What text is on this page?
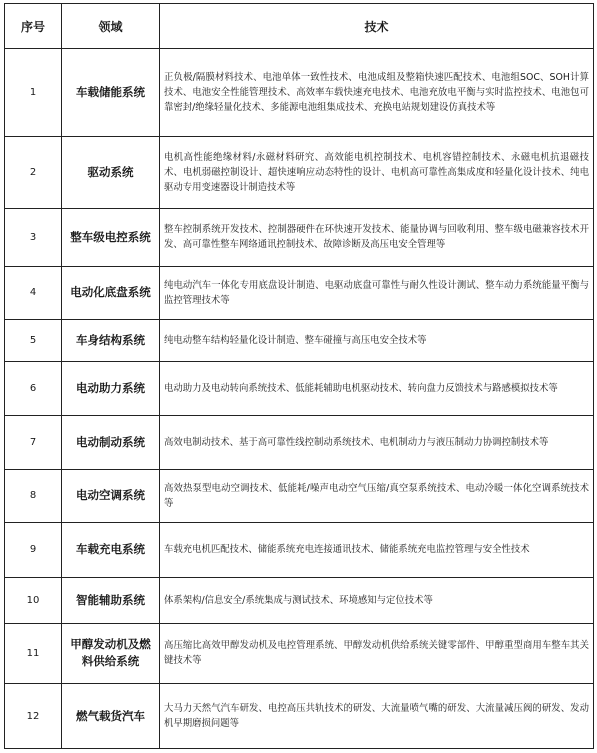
序号	领域	技术
1	车载储能系统	正负极/隔膜材料技术、电池单体一致性技术、电池成组及整箱快速匹配技术、电池组SOC、SOH计算技术、电池安全性能管理技术、高效率车载快速充电技术、电池充放电平衡与实时监控技术、电池包可靠密封/绝缘轻量化技术、多能源电池组集成技术、充换电站规划建设仿真技术等
2	驱动系统	电机高性能绝缘材料/永磁材料研究、高效能电机控制技术、电机容错控制技术、永磁电机抗退磁技术、电机弱磁控制设计、超快速响应动态特性的设计、电机高可靠性高集成度和轻量化设计技术、纯电驱动专用变速器设计制造技术等
3	整车级电控系统	整车控制系统开发技术、控制器硬件在环快速开发技术、能量协调与回收利用、整车级电磁兼容技术开发、高可靠性整车网络通讯控制技术、故障诊断及高压电安全管理等
4	电动化底盘系统	纯电动汽车一体化专用底盘设计制造、电驱动底盘可靠性与耐久性设计测试、整车动力系统能量平衡与监控管理技术等
5	车身结构系统	纯电动整车结构轻量化设计制造、整车碰撞与高压电安全技术等
6	电动助力系统	电动助力及电动转向系统技术、低能耗辅助电机驱动技术、转向盘力反馈技术与路感模拟技术等
7	电动制动系统	高效电制动技术、基于高可靠性线控制动系统技术、电机制动力与液压制动力协调控制技术等
8	电动空调系统	高效热泵型电动空调技术、低能耗/噪声电动空气压缩/真空泵系统技术、电动冷暖一体化空调系统技术等
9	车载充电系统	车载充电机匹配技术、储能系统充电连接通讯技术、储能系统充电监控管理与安全性技术
10	智能辅助系统	体系架构/信息安全/系统集成与测试技术、环境感知与定位技术等
11	甲醇发动机及燃料供给系统	高压缩比高效甲醇发动机及电控管理系统、甲醇发动机供给系统关键零部件、甲醇重型商用车整车其关键技术等
12	燃气载货汽车	大马力天然气汽车研发、电控高压共轨技术的研发、大流量喷气嘴的研发、大流量减压阀的研发、发动机早期磨损问题等
